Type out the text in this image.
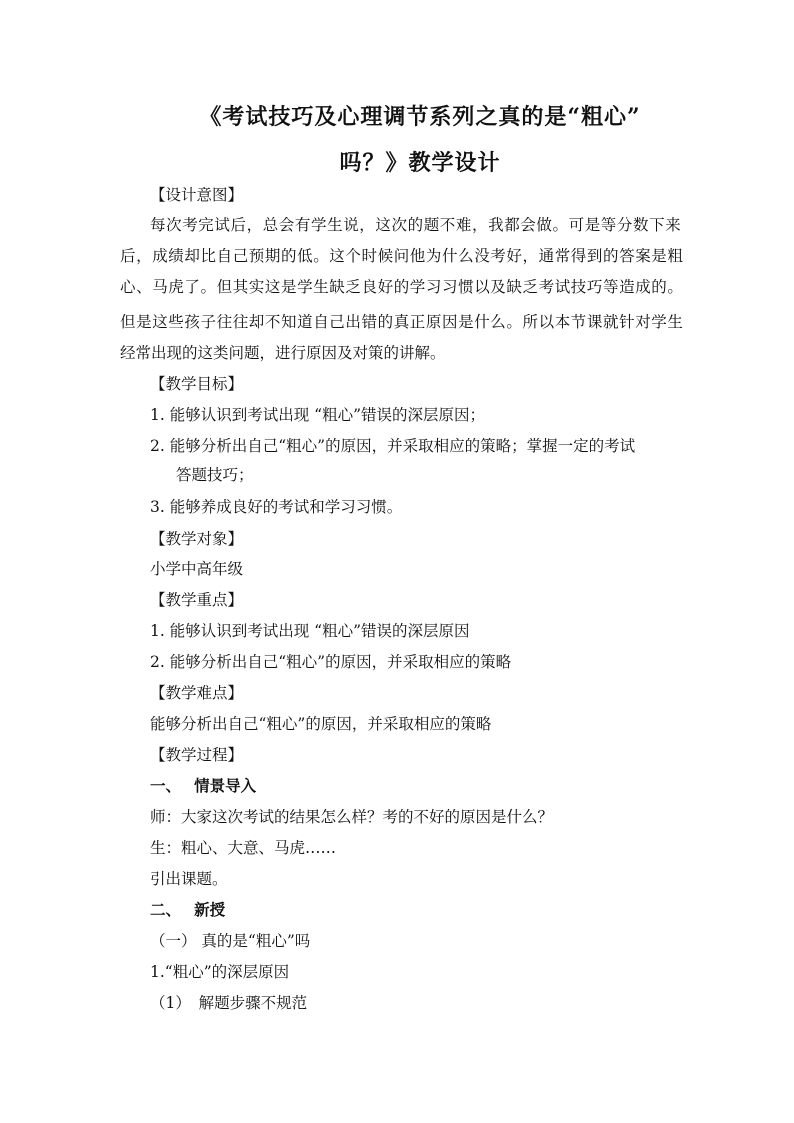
《考试技巧及心理调节系列之真的是“粗心”
吗？》教学设计
【设计意图】
每次考完试后，总会有学生说，这次的题不难，我都会做。可是等分数下来
后，成绩却比自己预期的低。这个时候问他为什么没考好，通常得到的答案是粗
心、马虎了。但其实这是学生缺乏良好的学习习惯以及缺乏考试技巧等造成的。
但是这些孩子往往却不知道自己出错的真正原因是什么。所以本节课就针对学生
经常出现的这类问题，进行原因及对策的讲解。
【教学目标】
1. 能够认识到考试出现 “粗心”错误的深层原因；
2. 能够分析出自己“粗心”的原因，并采取相应的策略；掌握一定的考试
答题技巧；
3. 能够养成良好的考试和学习习惯。
【教学对象】
小学中高年级
【教学重点】
1. 能够认识到考试出现 “粗心”错误的深层原因
2. 能够分析出自己“粗心”的原因，并采取相应的策略
【教学难点】
能够分析出自己“粗心”的原因，并采取相应的策略
【教学过程】
一、　 情景导入
师：大家这次考试的结果怎么样？考的不好的原因是什么？
生：粗心、大意、马虎……
引出课题。
二、　 新授
（一） 真的是“粗心”吗
1.“粗心”的深层原因
（1）　解题步骤不规范
